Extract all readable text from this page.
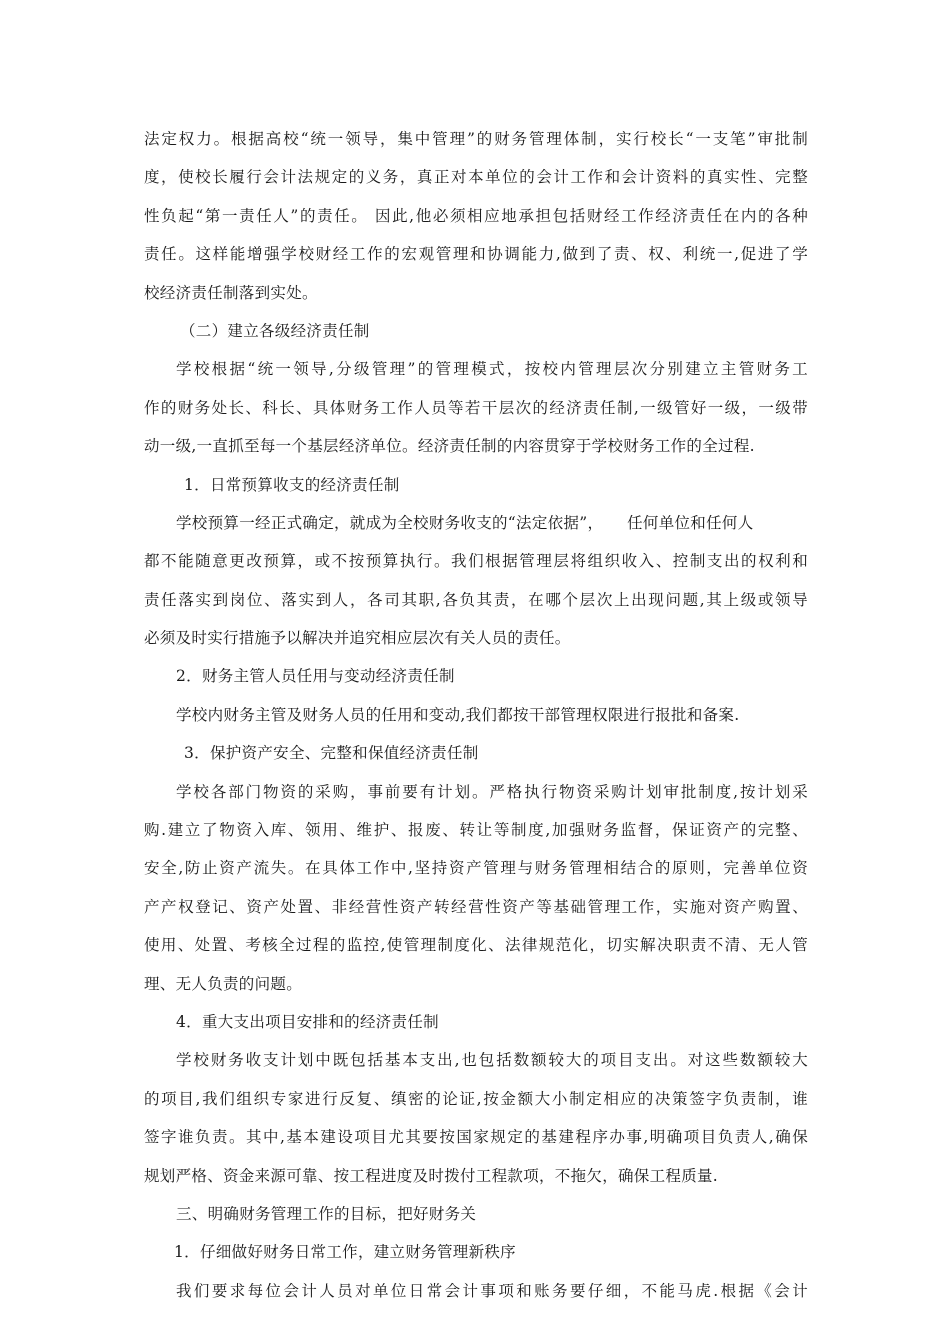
法定权力。根据高校“统一领导，集中管理”的财务管理体制，实行校长“一支笔”审批制
度，使校长履行会计法规定的义务，真正对本单位的会计工作和会计资料的真实性、完整
性负起“第一责任人”的责任。 因此,他必须相应地承担包括财经工作经济责任在内的各种
责任。这样能增强学校财经工作的宏观管理和协调能力,做到了责、权、利统一,促进了学
校经济责任制落到实处。
（二）建立各级经济责任制
学校根据“统一领导,分级管理”的管理模式，按校内管理层次分别建立主管财务工
作的财务处长、科长、具体财务工作人员等若干层次的经济责任制,一级管好一级，一级带
动一级,一直抓至每一个基层经济单位。经济责任制的内容贯穿于学校财务工作的全过程.
1．日常预算收支的经济责任制
学校预算一经正式确定，就成为全校财务收支的“法定依据”，　　任何单位和任何人
都不能随意更改预算，或不按预算执行。我们根据管理层将组织收入、控制支出的权利和
责任落实到岗位、落实到人，各司其职,各负其责，在哪个层次上出现问题,其上级或领导
必须及时实行措施予以解决并追究相应层次有关人员的责任。
2．财务主管人员任用与变动经济责任制
学校内财务主管及财务人员的任用和变动,我们都按干部管理权限进行报批和备案.
3．保护资产安全、完整和保值经济责任制
学校各部门物资的采购，事前要有计划。严格执行物资采购计划审批制度,按计划采
购.建立了物资入库、领用、维护、报废、转让等制度,加强财务监督，保证资产的完整、
安全,防止资产流失。在具体工作中,坚持资产管理与财务管理相结合的原则，完善单位资
产产权登记、资产处置、非经营性资产转经营性资产等基础管理工作，实施对资产购置、
使用、处置、考核全过程的监控,使管理制度化、法律规范化，切实解决职责不清、无人管
理、无人负责的问题。
4．重大支出项目安排和的经济责任制
学校财务收支计划中既包括基本支出,也包括数额较大的项目支出。对这些数额较大
的项目,我们组织专家进行反复、缜密的论证,按金额大小制定相应的决策签字负责制，谁
签字谁负责。其中,基本建设项目尤其要按国家规定的基建程序办事,明确项目负责人,确保
规划严格、资金来源可靠、按工程进度及时拨付工程款项，不拖欠，确保工程质量.
三、明确财务管理工作的目标，把好财务关
1．仔细做好财务日常工作，建立财务管理新秩序
我们要求每位会计人员对单位日常会计事项和账务要仔细，不能马虎.根据《会计
